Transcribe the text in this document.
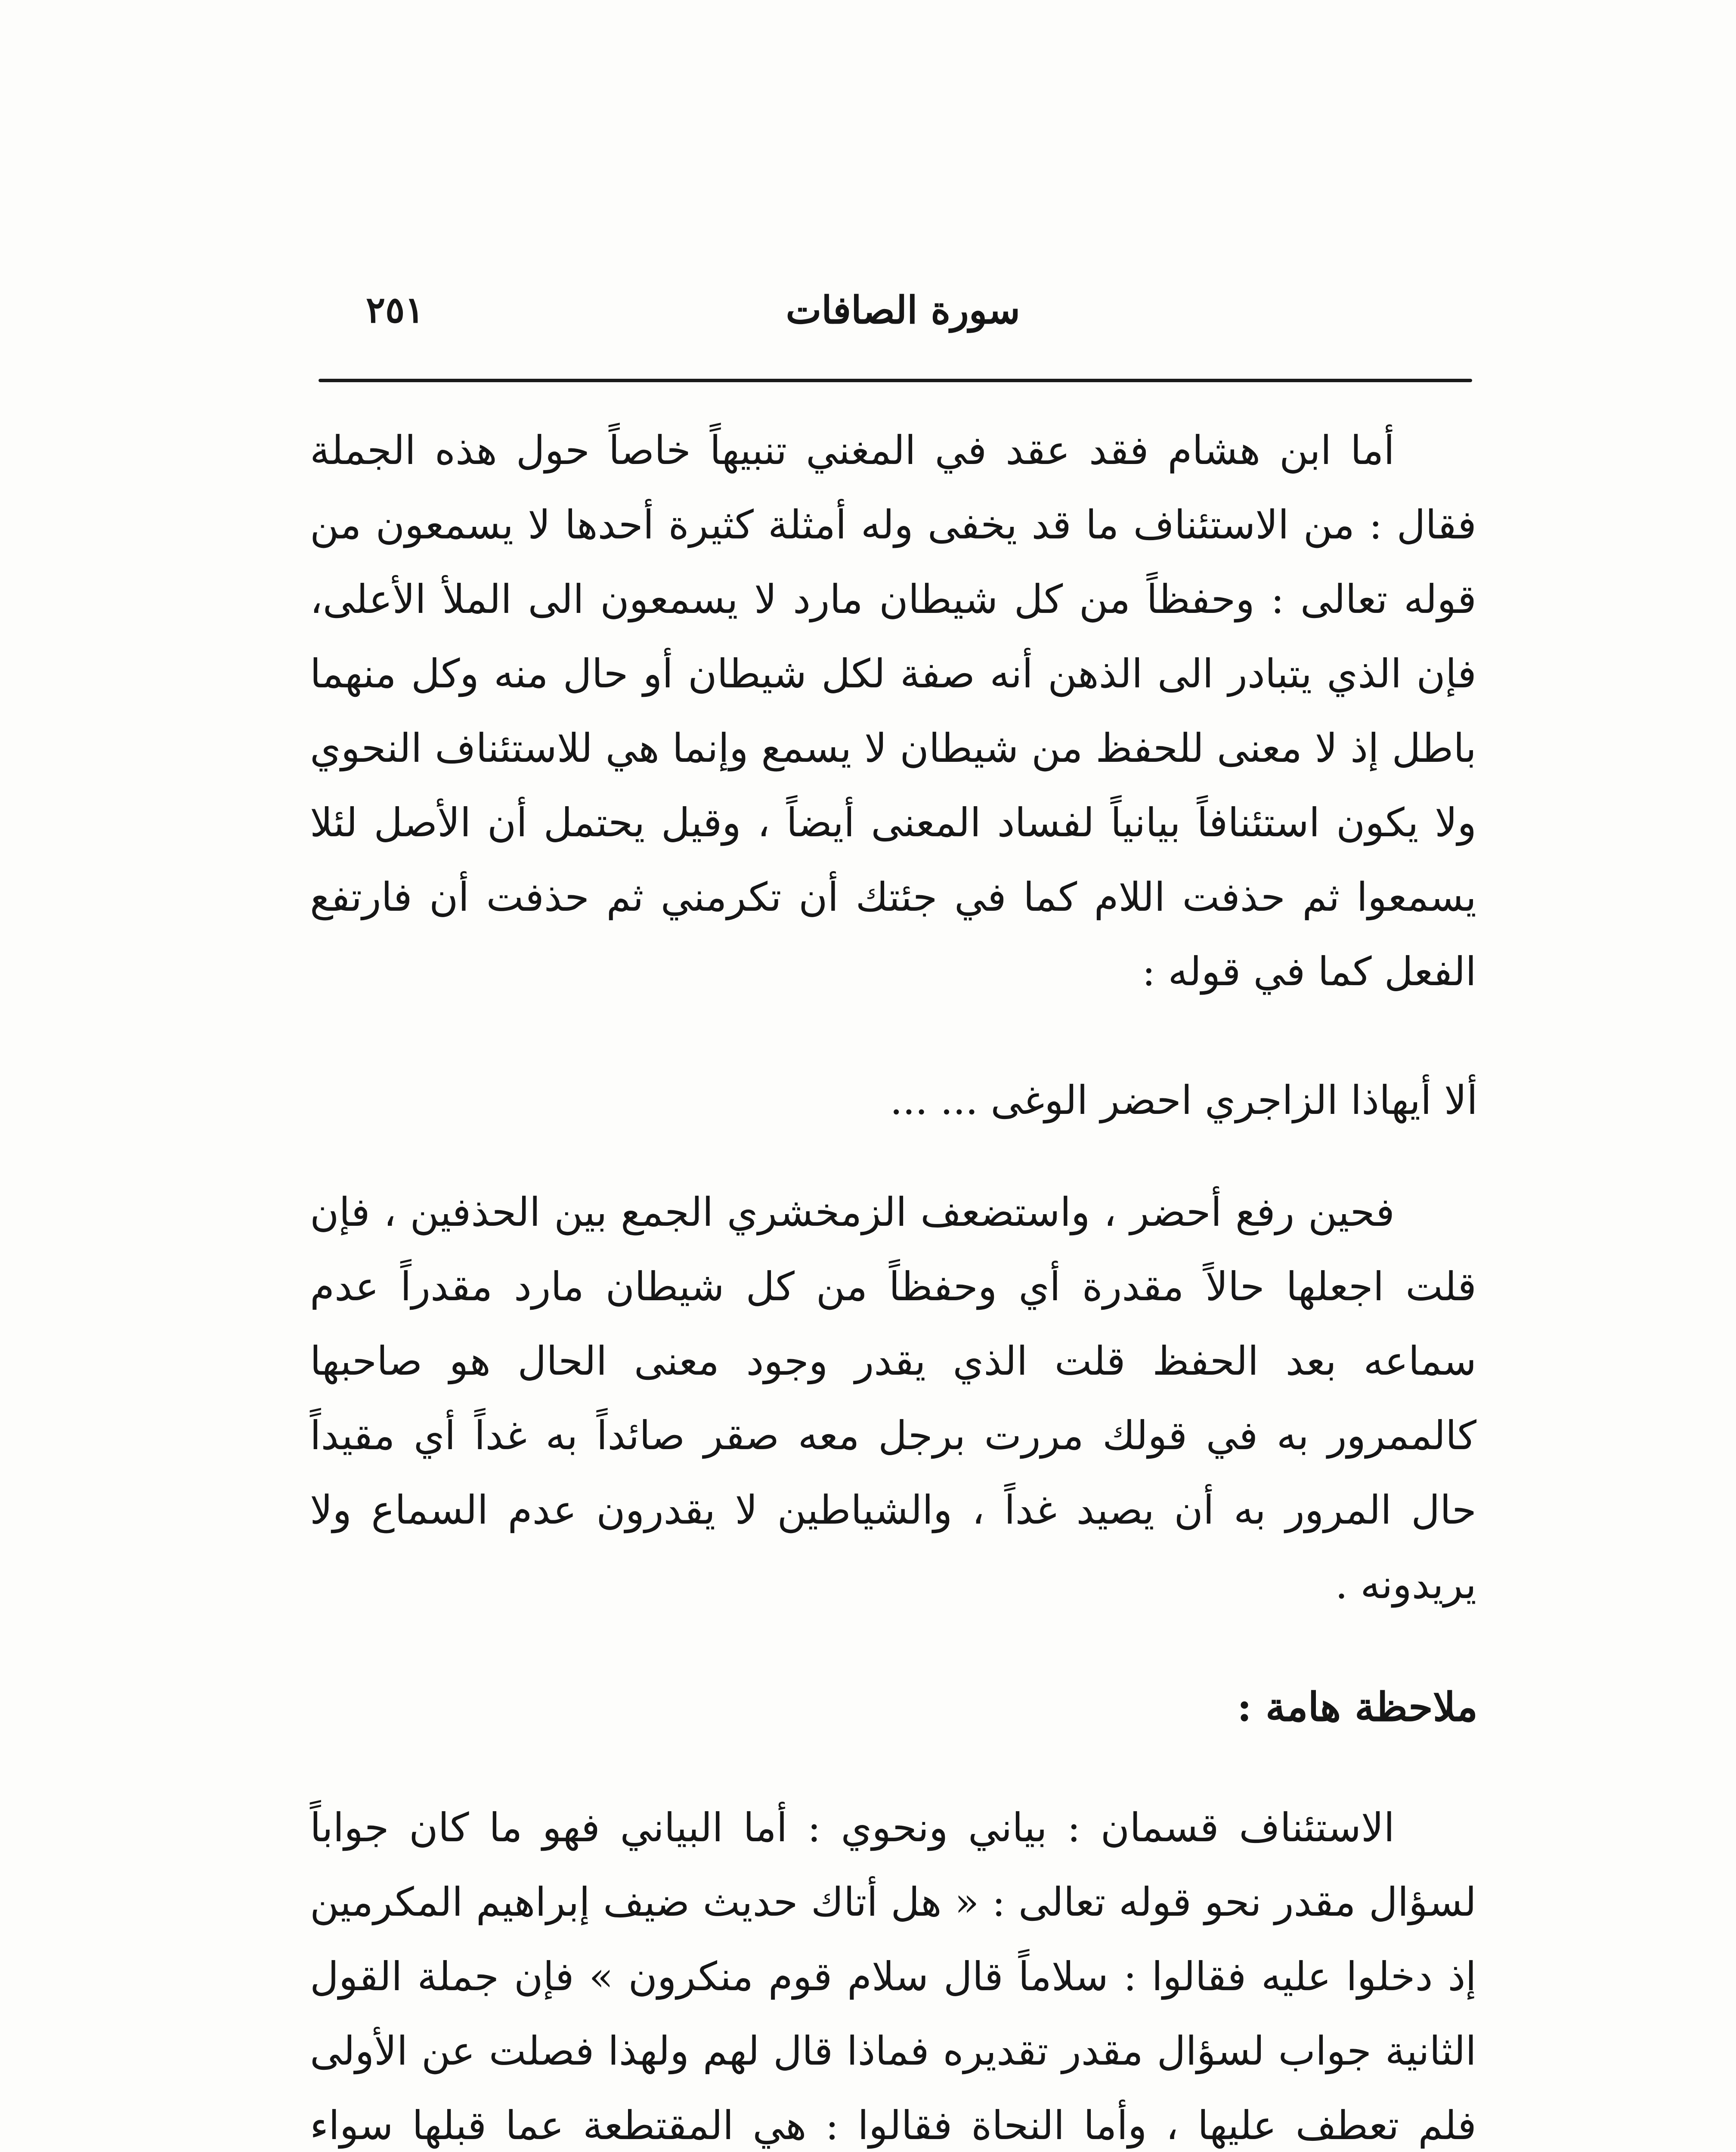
سورة الصافات
٢٥١

أما ابن هشام فقد عقد في المغني تنبيهاً خاصاً حول هذه الجملة فقال : من الاستئناف ما قد يخفى وله أمثلة كثيرة أحدها لا يسمعون من قوله تعالى : وحفظاً من كل شيطان مارد لا يسمعون الى الملأ الأعلى، فإن الذي يتبادر الى الذهن أنه صفة لكل شيطان أو حال منه وكل منهما باطل إذ لا معنى للحفظ من شيطان لا يسمع وإنما هي للاستئناف النحوي ولا يكون استئنافاً بيانياً لفساد المعنى أيضاً ، وقيل يحتمل أن الأصل لئلا يسمعوا ثم حذفت اللام كما في جئتك أن تكرمني ثم حذفت أن فارتفع الفعل كما في قوله :

ألا أيهاذا الزاجري احضر الوغى ... ...

فحين رفع أحضر ، واستضعف الزمخشري الجمع بين الحذفين ، فإن قلت اجعلها حالاً مقدرة أي وحفظاً من كل شيطان مارد مقدراً عدم سماعه بعد الحفظ قلت الذي يقدر وجود معنى الحال هو صاحبها كالممرور به في قولك مررت برجل معه صقر صائداً به غداً أي مقيداً حال المرور به أن يصيد غداً ، والشياطين لا يقدرون عدم السماع ولا يريدونه .

ملاحظة هامة :

الاستئناف قسمان : بياني ونحوي : أما البياني فهو ما كان جواباً لسؤال مقدر نحو قوله تعالى : « هل أتاك حديث ضيف إبراهيم المكرمين إذ دخلوا عليه فقالوا : سلاماً قال سلام قوم منكرون » فإن جملة القول الثانية جواب لسؤال مقدر تقديره فماذا قال لهم ولهذا فصلت عن الأولى فلم تعطف عليها ، وأما النحاة فقالوا : هي المقتطعة عما قبلها سواء
